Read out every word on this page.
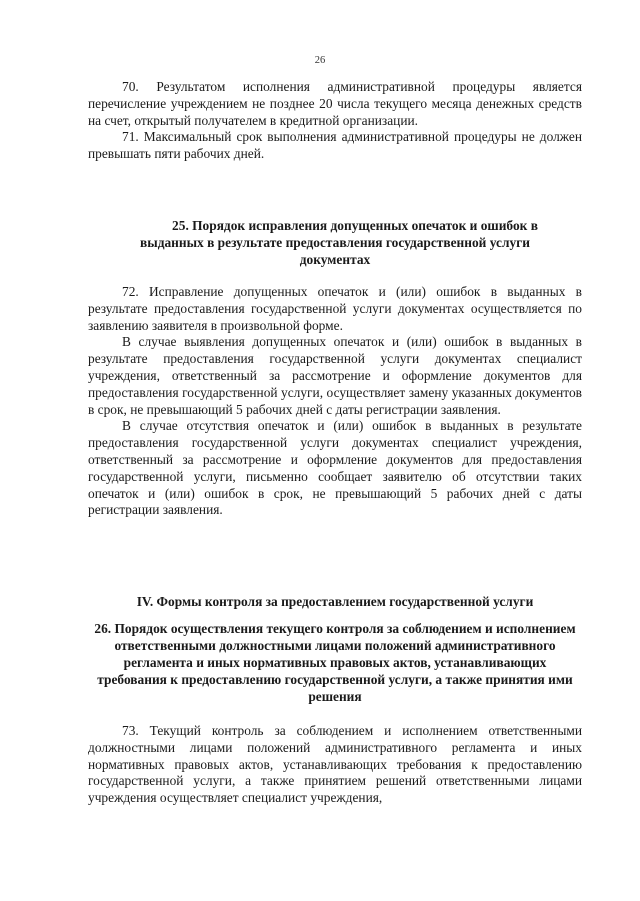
26

70. Результатом исполнения административной процедуры является перечисление учреждением не позднее 20 числа текущего месяца денежных средств на счет, открытый получателем в кредитной организации.

71. Максимальный срок выполнения административной процедуры не должен превышать пяти рабочих дней.

25. Порядок исправления допущенных опечаток и ошибок в выданных в результате предоставления государственной услуги документах

72. Исправление допущенных опечаток и (или) ошибок в выданных в результате предоставления государственной услуги документах осуществляется по заявлению заявителя в произвольной форме.

В случае выявления допущенных опечаток и (или) ошибок в выданных в результате предоставления государственной услуги документах специалист учреждения, ответственный за рассмотрение и оформление документов для предоставления государственной услуги, осуществляет замену указанных документов в срок, не превышающий 5 рабочих дней с даты регистрации заявления.

В случае отсутствия опечаток и (или) ошибок в выданных в результате предоставления государственной услуги документах специалист учреждения, ответственный за рассмотрение и оформление документов для предоставления государственной услуги, письменно сообщает заявителю об отсутствии таких опечаток и (или) ошибок в срок, не превышающий 5 рабочих дней с даты регистрации заявления.

IV. Формы контроля за предоставлением государственной услуги

26. Порядок осуществления текущего контроля за соблюдением и исполнением ответственными должностными лицами положений административного регламента и иных нормативных правовых актов, устанавливающих требования к предоставлению государственной услуги, а также принятия ими решения

73. Текущий контроль за соблюдением и исполнением ответственными должностными лицами положений административного регламента и иных нормативных правовых актов, устанавливающих требования к предоставлению государственной услуги, а также принятием решений ответственными лицами учреждения осуществляет специалист учреждения,
